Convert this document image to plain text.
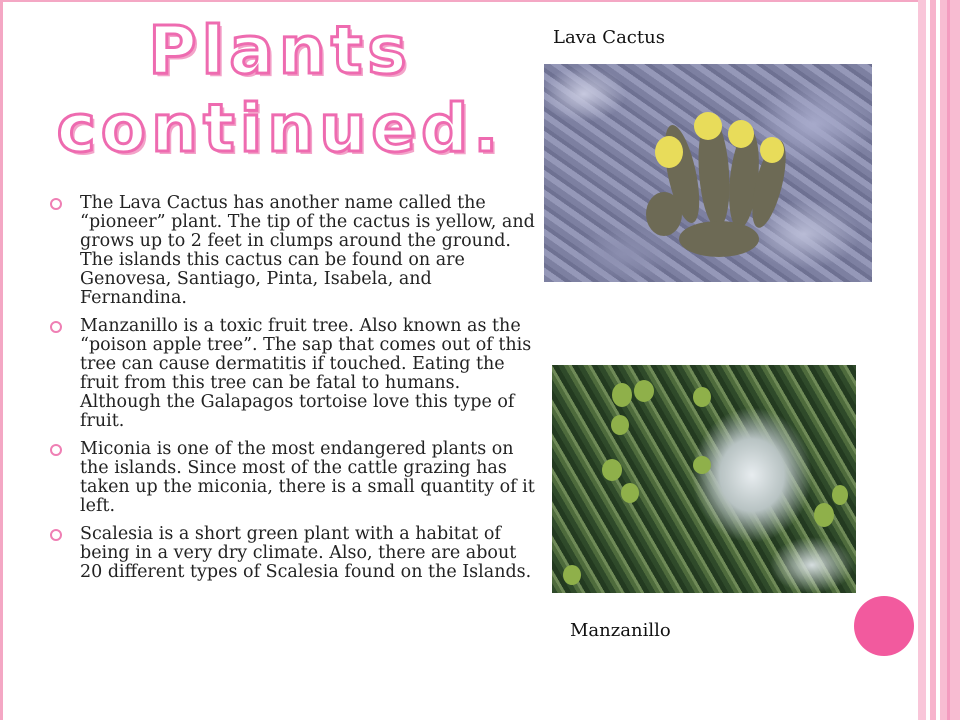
Plants continued.
The Lava Cactus has another name called the “pioneer” plant. The tip of the cactus is yellow, and grows up to 2 feet in clumps around the ground. The islands this cactus can be found on are Genovesa, Santiago, Pinta, Isabela, and Fernandina.
Manzanillo is a toxic fruit tree. Also known as the “poison apple tree”. The sap that comes out of this tree can cause dermatitis if touched. Eating the fruit from this tree can be fatal to humans. Although the Galapagos tortoise love this type of fruit.
Miconia is one of the most endangered plants on the islands. Since most of the cattle grazing has taken up the miconia, there is a small quantity of it left.
Scalesia is a short green plant with a habitat of being in a very dry climate. Also, there are about 20 different types of Scalesia found on the Islands.
Lava Cactus
Manzanillo
